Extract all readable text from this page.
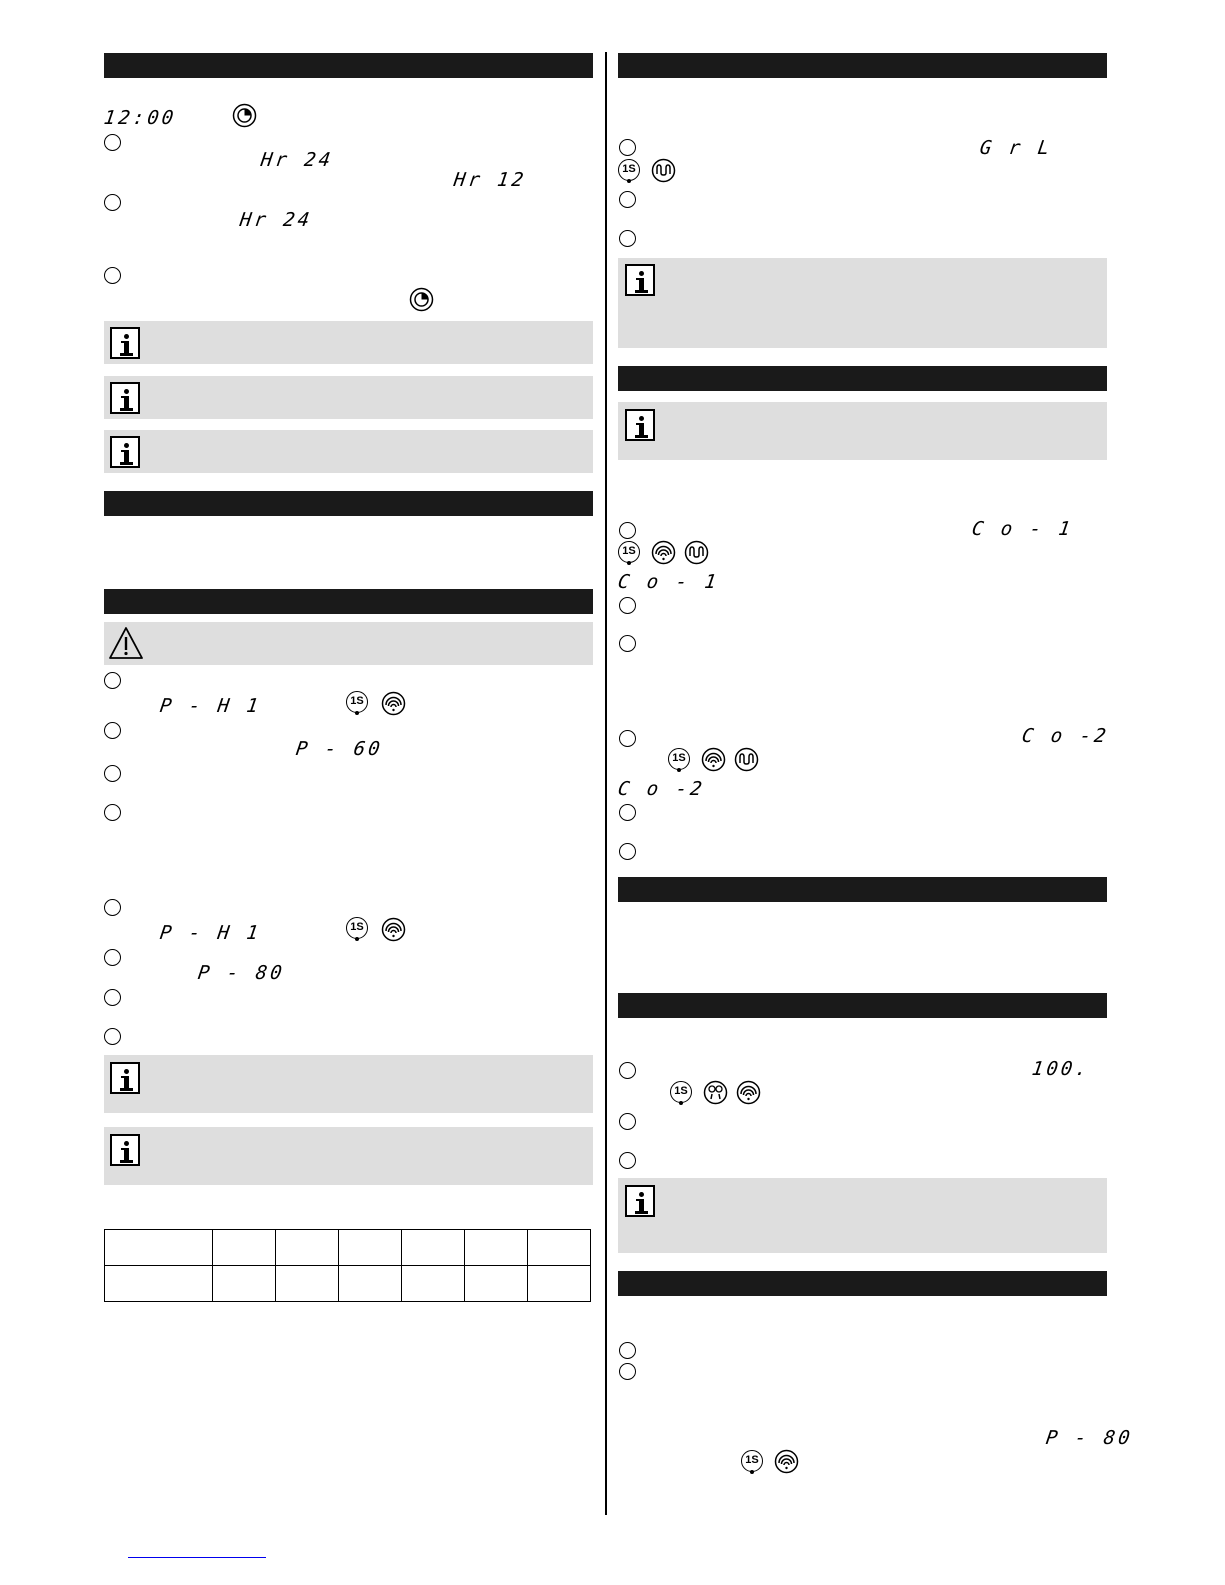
12:00
Hr 24
Hr 12
Hr 24
P - H 1	1S
P - 60
P - H 1	1S
P - 80

G r L
1S
C o - 1
1S
C o - 1
C o -2
1S
C o -2
100.
1S
P - 80
1S
